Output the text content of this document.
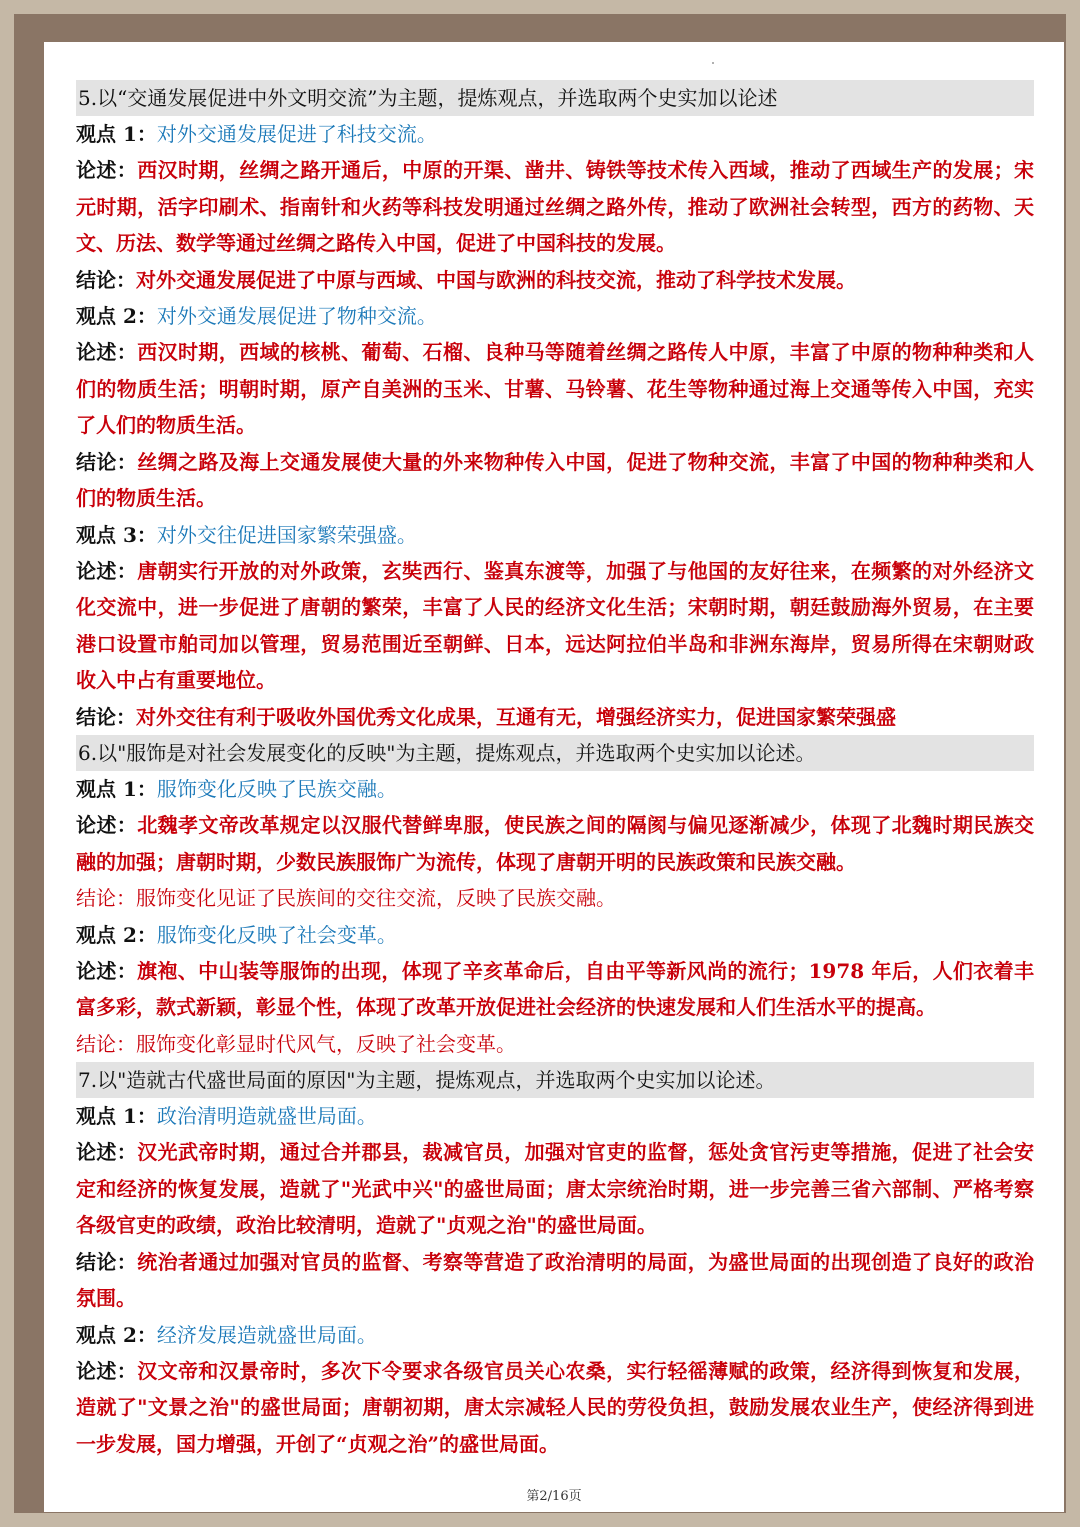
5.以“交通发展促进中外文明交流”为主题，提炼观点，并选取两个史实加以论述
观点 1：对外交通发展促进了科技交流。
论述：西汉时期，丝绸之路开通后，中原的开渠、凿井、铸铁等技术传入西域，推动了西域生产的发展；宋元时期，活字印刷术、指南针和火药等科技发明通过丝绸之路外传，推动了欧洲社会转型，西方的药物、天文、历法、数学等通过丝绸之路传入中国，促进了中国科技的发展。
结论：对外交通发展促进了中原与西域、中国与欧洲的科技交流，推动了科学技术发展。
观点 2：对外交通发展促进了物种交流。
论述：西汉时期，西域的核桃、葡萄、石榴、良种马等随着丝绸之路传人中原，丰富了中原的物种种类和人们的物质生活；明朝时期，原产自美洲的玉米、甘薯、马铃薯、花生等物种通过海上交通等传入中国，充实了人们的物质生活。
结论：丝绸之路及海上交通发展使大量的外来物种传入中国，促进了物种交流，丰富了中国的物种种类和人们的物质生活。
观点 3：对外交往促进国家繁荣强盛。
论述：唐朝实行开放的对外政策，玄奘西行、鉴真东渡等，加强了与他国的友好往来，在频繁的对外经济文化交流中，进一步促进了唐朝的繁荣，丰富了人民的经济文化生活；宋朝时期，朝廷鼓励海外贸易，在主要港口设置市舶司加以管理，贸易范围近至朝鲜、日本，远达阿拉伯半岛和非洲东海岸，贸易所得在宋朝财政收入中占有重要地位。
结论：对外交往有利于吸收外国优秀文化成果，互通有无，增强经济实力，促进国家繁荣强盛
6.以"服饰是对社会发展变化的反映"为主题，提炼观点，并选取两个史实加以论述。
观点 1：服饰变化反映了民族交融。
论述：北魏孝文帝改革规定以汉服代替鲜卑服，使民族之间的隔阂与偏见逐渐减少，体现了北魏时期民族交融的加强；唐朝时期，少数民族服饰广为流传，体现了唐朝开明的民族政策和民族交融。
结论：服饰变化见证了民族间的交往交流，反映了民族交融。
观点 2：服饰变化反映了社会变革。
论述：旗袍、中山装等服饰的出现，体现了辛亥革命后，自由平等新风尚的流行；1978 年后，人们衣着丰富多彩，款式新颖，彰显个性，体现了改革开放促进社会经济的快速发展和人们生活水平的提高。
结论：服饰变化彰显时代风气，反映了社会变革。
7.以"造就古代盛世局面的原因"为主题，提炼观点，并选取两个史实加以论述。
观点 1：政治清明造就盛世局面。
论述：汉光武帝时期，通过合并郡县，裁减官员，加强对官吏的监督，惩处贪官污吏等措施，促进了社会安定和经济的恢复发展，造就了"光武中兴"的盛世局面；唐太宗统治时期，进一步完善三省六部制、严格考察各级官吏的政绩，政治比较清明，造就了"贞观之治"的盛世局面。
结论：统治者通过加强对官员的监督、考察等营造了政治清明的局面，为盛世局面的出现创造了良好的政治氛围。
观点 2：经济发展造就盛世局面。
论述：汉文帝和汉景帝时，多次下令要求各级官员关心农桑，实行轻徭薄赋的政策，经济得到恢复和发展，造就了"文景之治"的盛世局面；唐朝初期，唐太宗减轻人民的劳役负担，鼓励发展农业生产，使经济得到进一步发展，国力增强，开创了“贞观之治”的盛世局面。
第2/16页
